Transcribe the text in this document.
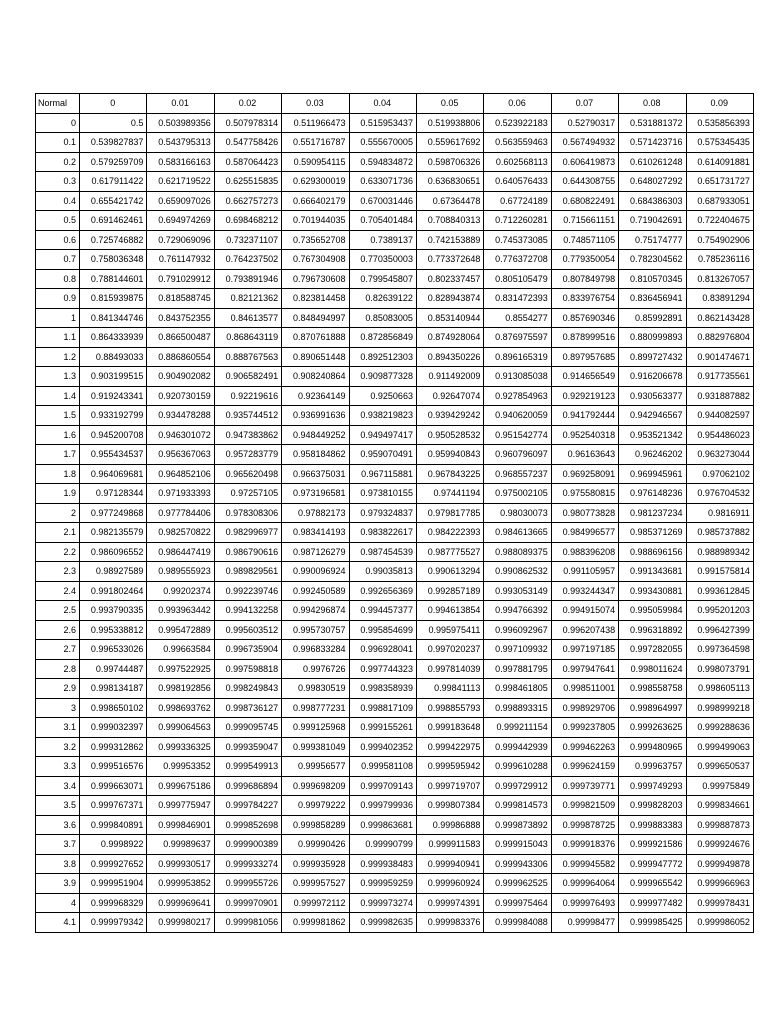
Normal	0	0.01	0.02	0.03	0.04	0.05	0.06	0.07	0.08	0.09
0	0.5	0.503989356	0.507978314	0.511966473	0.515953437	0.519938806	0.523922183	0.52790317	0.531881372	0.535856393
0.1	0.539827837	0.543795313	0.547758426	0.551716787	0.555670005	0.559617692	0.563559463	0.567494932	0.571423716	0.575345435
0.2	0.579259709	0.583166163	0.587064423	0.590954115	0.594834872	0.598706326	0.602568113	0.606419873	0.610261248	0.614091881
0.3	0.617911422	0.621719522	0.625515835	0.629300019	0.633071736	0.636830651	0.640576433	0.644308755	0.648027292	0.651731727
0.4	0.655421742	0.659097026	0.662757273	0.666402179	0.670031446	0.67364478	0.67724189	0.680822491	0.684386303	0.687933051
0.5	0.691462461	0.694974269	0.698468212	0.701944035	0.705401484	0.708840313	0.712260281	0.715661151	0.719042691	0.722404675
0.6	0.725746882	0.729069096	0.732371107	0.735652708	0.7389137	0.742153889	0.745373085	0.748571105	0.75174777	0.754902906
0.7	0.758036348	0.761147932	0.764237502	0.767304908	0.770350003	0.773372648	0.776372708	0.779350054	0.782304562	0.785236116
0.8	0.788144601	0.791029912	0.793891946	0.796730608	0.799545807	0.802337457	0.805105479	0.807849798	0.810570345	0.813267057
0.9	0.815939875	0.818588745	0.82121362	0.823814458	0.82639122	0.828943874	0.831472393	0.833976754	0.836456941	0.83891294
1	0.841344746	0.843752355	0.84613577	0.848494997	0.85083005	0.853140944	0.8554277	0.857690346	0.85992891	0.862143428
1.1	0.864333939	0.866500487	0.868643119	0.870761888	0.872856849	0.874928064	0.876975597	0.878999516	0.880999893	0.882976804
1.2	0.88493033	0.886860554	0.888767563	0.890651448	0.892512303	0.894350226	0.896165319	0.897957685	0.899727432	0.901474671
1.3	0.903199515	0.904902082	0.906582491	0.908240864	0.909877328	0.911492009	0.913085038	0.914656549	0.916206678	0.917735561
1.4	0.919243341	0.920730159	0.92219616	0.92364149	0.9250663	0.92647074	0.927854963	0.929219123	0.930563377	0.931887882
1.5	0.933192799	0.934478288	0.935744512	0.936991636	0.938219823	0.939429242	0.940620059	0.941792444	0.942946567	0.944082597
1.6	0.945200708	0.946301072	0.947383862	0.948449252	0.949497417	0.950528532	0.951542774	0.952540318	0.953521342	0.954486023
1.7	0.955434537	0.956367063	0.957283779	0.958184862	0.959070491	0.959940843	0.960796097	0.96163643	0.96246202	0.963273044
1.8	0.964069681	0.964852106	0.965620498	0.966375031	0.967115881	0.967843225	0.968557237	0.969258091	0.969945961	0.97062102
1.9	0.97128344	0.971933393	0.97257105	0.973196581	0.973810155	0.97441194	0.975002105	0.975580815	0.976148236	0.976704532
2	0.977249868	0.977784406	0.978308306	0.97882173	0.979324837	0.979817785	0.98030073	0.980773828	0.981237234	0.9816911
2.1	0.982135579	0.982570822	0.982996977	0.983414193	0.983822617	0.984222393	0.984613665	0.984996577	0.985371269	0.985737882
2.2	0.986096552	0.986447419	0.986790616	0.987126279	0.987454539	0.987775527	0.988089375	0.988396208	0.988696156	0.988989342
2.3	0.98927589	0.989555923	0.989829561	0.990096924	0.99035813	0.990613294	0.990862532	0.991105957	0.991343681	0.991575814
2.4	0.991802464	0.99202374	0.992239746	0.992450589	0.992656369	0.992857189	0.993053149	0.993244347	0.993430881	0.993612845
2.5	0.993790335	0.993963442	0.994132258	0.994296874	0.994457377	0.994613854	0.994766392	0.994915074	0.995059984	0.995201203
2.6	0.995338812	0.995472889	0.995603512	0.995730757	0.995854699	0.995975411	0.996092967	0.996207438	0.996318892	0.996427399
2.7	0.996533026	0.99663584	0.996735904	0.996833284	0.996928041	0.997020237	0.997109932	0.997197185	0.997282055	0.997364598
2.8	0.99744487	0.997522925	0.997598818	0.9976726	0.997744323	0.997814039	0.997881795	0.997947641	0.998011624	0.998073791
2.9	0.998134187	0.998192856	0.998249843	0.99830519	0.998358939	0.99841113	0.998461805	0.998511001	0.998558758	0.998605113
3	0.998650102	0.998693762	0.998736127	0.998777231	0.998817109	0.998855793	0.998893315	0.998929706	0.998964997	0.998999218
3.1	0.999032397	0.999064563	0.999095745	0.999125968	0.999155261	0.999183648	0.999211154	0.999237805	0.999263625	0.999288636
3.2	0.999312862	0.999336325	0.999359047	0.999381049	0.999402352	0.999422975	0.999442939	0.999462263	0.999480965	0.999499063
3.3	0.999516576	0.99953352	0.999549913	0.99956577	0.999581108	0.999595942	0.999610288	0.999624159	0.99963757	0.999650537
3.4	0.999663071	0.999675186	0.999686894	0.999698209	0.999709143	0.999719707	0.999729912	0.999739771	0.999749293	0.99975849
3.5	0.999767371	0.999775947	0.999784227	0.99979222	0.999799936	0.999807384	0.999814573	0.999821509	0.999828203	0.999834661
3.6	0.999840891	0.999846901	0.999852698	0.999858289	0.999863681	0.99986888	0.999873892	0.999878725	0.999883383	0.999887873
3.7	0.9998922	0.99989637	0.999900389	0.99990426	0.99990799	0.999911583	0.999915043	0.999918376	0.999921586	0.999924676
3.8	0.999927652	0.999930517	0.999933274	0.999935928	0.999938483	0.999940941	0.999943306	0.999945582	0.999947772	0.999949878
3.9	0.999951904	0.999953852	0.999955726	0.999957527	0.999959259	0.999960924	0.999962525	0.999964064	0.999965542	0.999966963
4	0.999968329	0.999969641	0.999970901	0.999972112	0.999973274	0.999974391	0.999975464	0.999976493	0.999977482	0.999978431
4.1	0.999979342	0.999980217	0.999981056	0.999981862	0.999982635	0.999983376	0.999984088	0.99998477	0.999985425	0.999986052
